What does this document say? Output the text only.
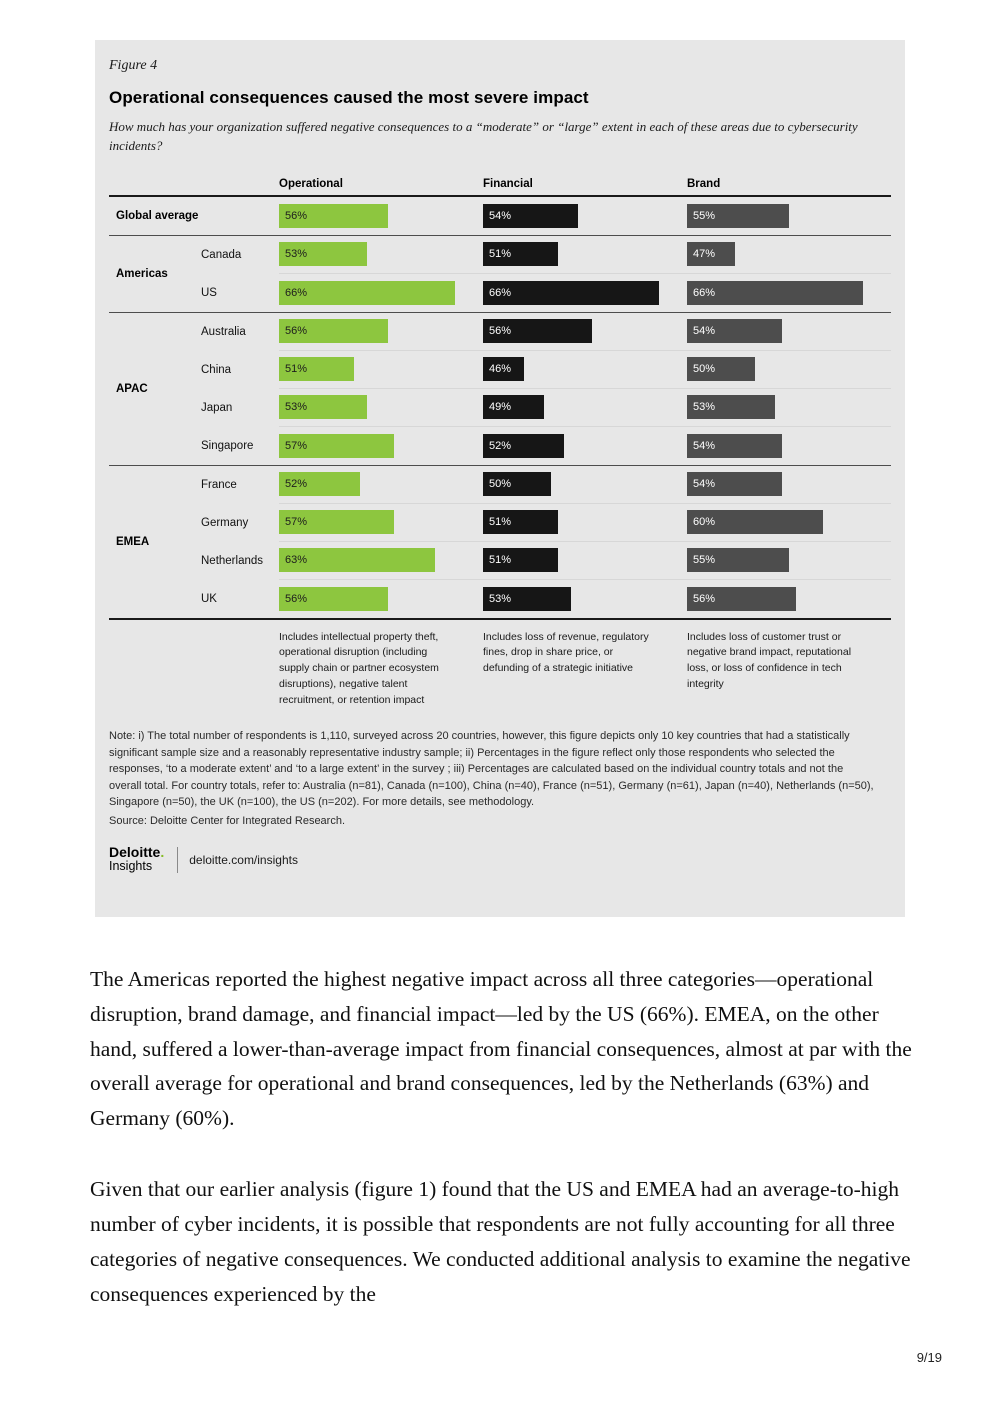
Figure 4
Operational consequences caused the most severe impact

How much has your organization suffered negative consequences to a “moderate” or “large” extent in each of these areas due to cybersecurity incidents?

Operational	Financial	Brand
Global average	56%	54%	55%
Americas
Canada	53%	51%	47%
US	66%	66%	66%
APAC
Australia	56%	56%	54%
China	51%	46%	50%
Japan	53%	49%	53%
Singapore	57%	52%	54%
EMEA
France	52%	50%	54%
Germany	57%	51%	60%
Netherlands	63%	51%	55%
UK	56%	53%	56%
Includes intellectual property theft, operational disruption (including supply chain or partner ecosystem disruptions), negative talent recruitment, or retention impact
Includes loss of revenue, regulatory fines, drop in share price, or defunding of a strategic initiative
Includes loss of customer trust or negative brand impact, reputational loss, or loss of confidence in tech integrity

Note: i) The total number of respondents is 1,110, surveyed across 20 countries, however, this figure depicts only 10 key countries that had a statistically significant sample size and a reasonably representative industry sample; ii) Percentages in the figure reflect only those respondents who selected the responses, ‘to a moderate extent’ and ‘to a large extent’ in the survey ; iii) Percentages are calculated based on the individual country totals and not the overall total. For country totals, refer to: Australia (n=81), Canada (n=100), China (n=40), France (n=51), Germany (n=61), Japan (n=40), Netherlands (n=50), Singapore (n=50), the UK (n=100), the US (n=202). For more details, see methodology.

Source: Deloitte Center for Integrated Research.

Deloitte.
Insights	deloitte.com/insights

The Americas reported the highest negative impact across all three categories—operational disruption, brand damage, and financial impact—led by the US (66%). EMEA, on the other hand, suffered a lower-than-average impact from financial consequences, almost at par with the overall average for operational and brand consequences, led by the Netherlands (63%) and Germany (60%).

Given that our earlier analysis (figure 1) found that the US and EMEA had an average-to-high number of cyber incidents, it is possible that respondents are not fully accounting for all three categories of negative consequences. We conducted additional analysis to examine the negative consequences experienced by the

9/19
